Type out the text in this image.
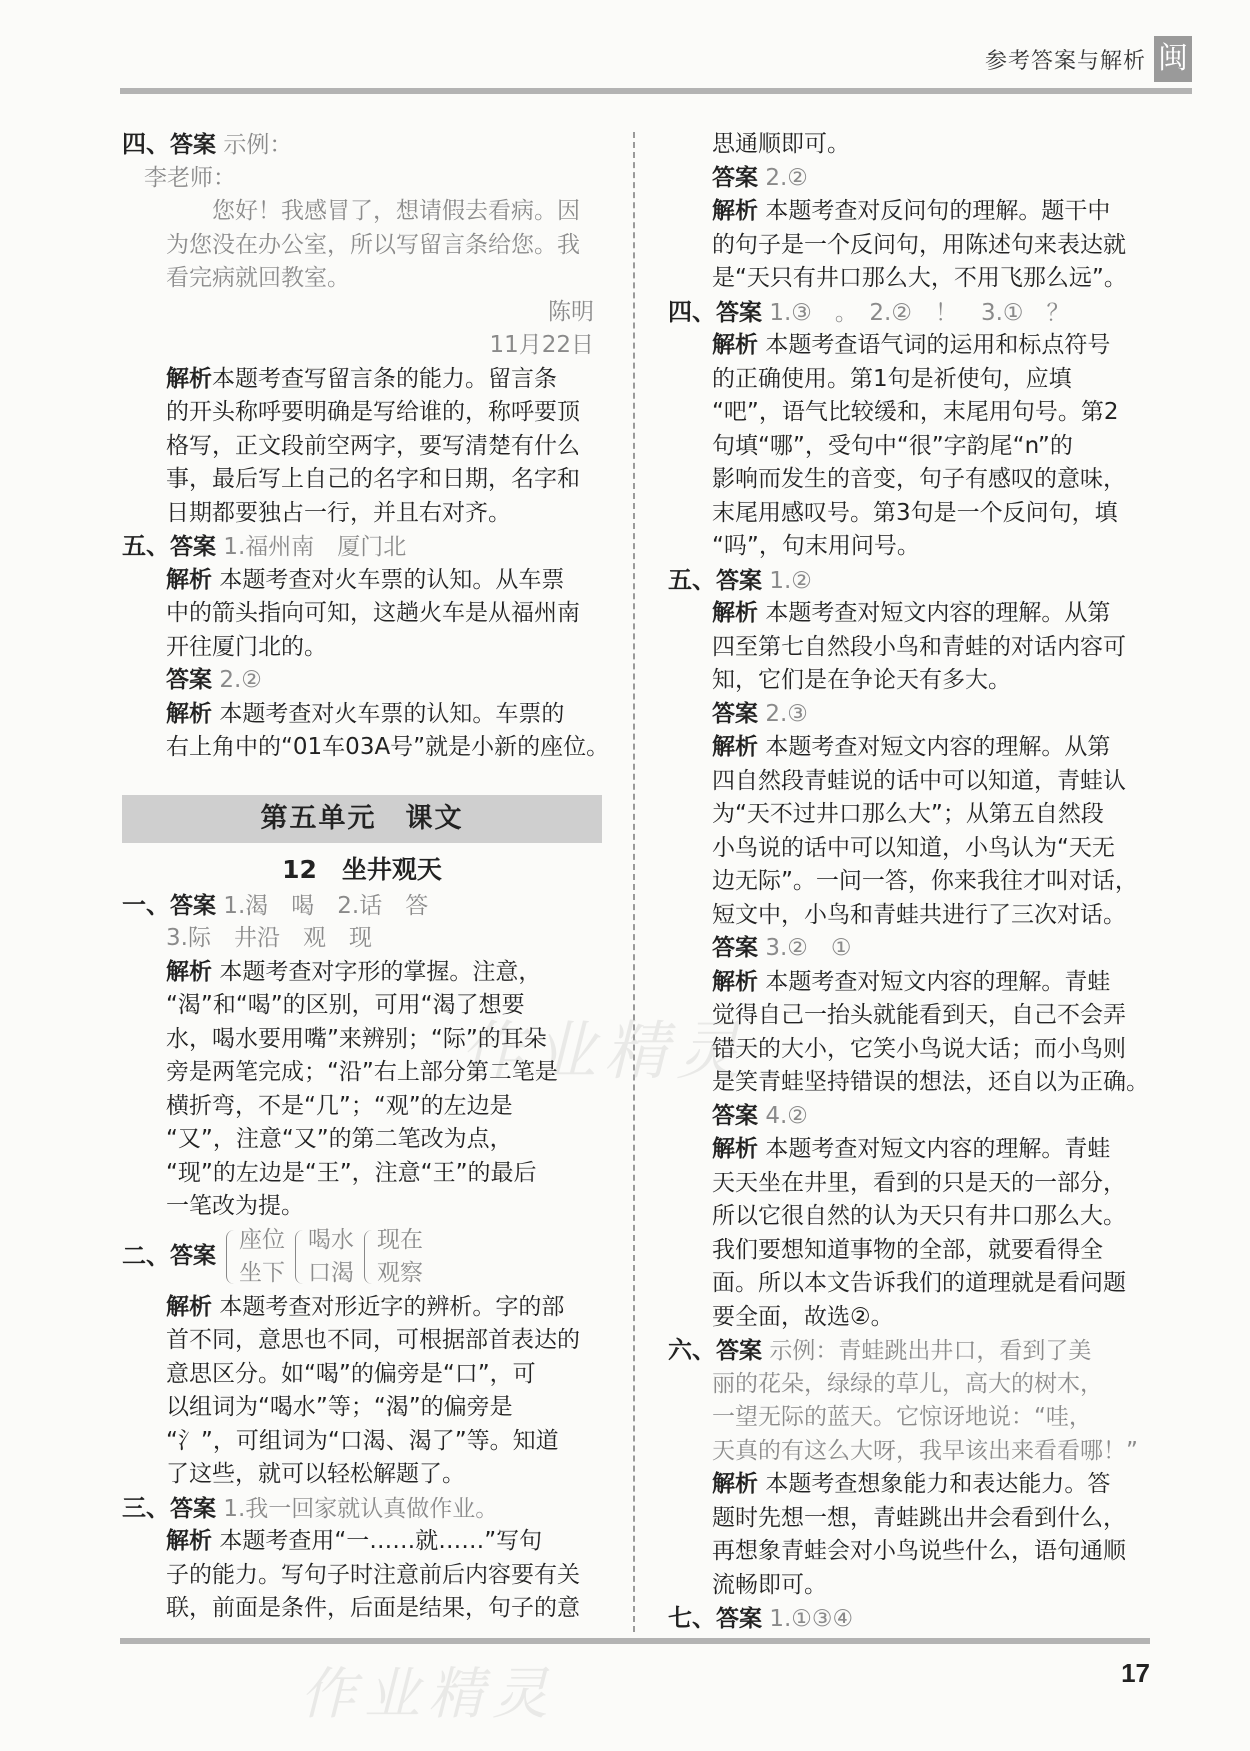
参考答案与解析 闽
作业精灵
作业精灵
四、答案 示例：
李老师：
您好！我感冒了，想请假去看病。因
为您没在办公室，所以写留言条给您。我
看完病就回教室。
陈明
11月22日
解析本题考查写留言条的能力。留言条
的开头称呼要明确是写给谁的，称呼要顶
格写，正文段前空两字，要写清楚有什么
事，最后写上自己的名字和日期，名字和
日期都要独占一行，并且右对齐。
五、答案 1.福州南　厦门北
解析 本题考查对火车票的认知。从车票
中的箭头指向可知，这趟火车是从福州南
开往厦门北的。
答案 2.②
解析 本题考查对火车票的认知。车票的
右上角中的“01车03A号”就是小新的座位。
第五单元　课文
12　坐井观天
一、答案 1.渴　喝　2.话　答
3.际　井沿　观　现
解析 本题考查对字形的掌握。注意，
“渴”和“喝”的区别，可用“渴了想要
水，喝水要用嘴”来辨别；“际”的耳朵
旁是两笔完成；“沿”右上部分第二笔是
横折弯，不是“几”；“观”的左边是
“又”，注意“又”的第二笔改为点，
“现”的左边是“王”，注意“王”的最后
一笔改为提。
二、 答案
座位
坐下
喝水
口渴
现在
观察
解析 本题考查对形近字的辨析。字的部
首不同，意思也不同，可根据部首表达的
意思区分。如“喝”的偏旁是“口”，可
以组词为“喝水”等；“渴”的偏旁是
“氵”，可组词为“口渴、渴了”等。知道
了这些，就可以轻松解题了。
三、答案 1.我一回家就认真做作业。
解析 本题考查用“一……就……”写句
子的能力。写句子时注意前后内容要有关
联，前面是条件，后面是结果，句子的意
思通顺即可。
答案 2.②
解析 本题考查对反问句的理解。题干中
的句子是一个反问句，用陈述句来表达就
是“天只有井口那么大，不用飞那么远”。
四、答案 1.③　。　2.②　！　3.①　？
解析 本题考查语气词的运用和标点符号
的正确使用。第1句是祈使句，应填
“吧”，语气比较缓和，末尾用句号。第2
句填“哪”，受句中“很”字韵尾“n”的
影响而发生的音变，句子有感叹的意味，
末尾用感叹号。第3句是一个反问句，填
“吗”，句末用问号。
五、答案 1.②
解析 本题考查对短文内容的理解。从第
四至第七自然段小鸟和青蛙的对话内容可
知，它们是在争论天有多大。
答案 2.③
解析 本题考查对短文内容的理解。从第
四自然段青蛙说的话中可以知道，青蛙认
为“天不过井口那么大”；从第五自然段
小鸟说的话中可以知道，小鸟认为“天无
边无际”。一问一答，你来我往才叫对话，
短文中，小鸟和青蛙共进行了三次对话。
答案 3.②　①
解析 本题考查对短文内容的理解。青蛙
觉得自己一抬头就能看到天，自己不会弄
错天的大小，它笑小鸟说大话；而小鸟则
是笑青蛙坚持错误的想法，还自以为正确。
答案 4.②
解析 本题考查对短文内容的理解。青蛙
天天坐在井里，看到的只是天的一部分，
所以它很自然的认为天只有井口那么大。
我们要想知道事物的全部，就要看得全
面。所以本文告诉我们的道理就是看问题
要全面，故选②。
六、答案 示例：青蛙跳出井口，看到了美
丽的花朵，绿绿的草儿，高大的树木，
一望无际的蓝天。它惊讶地说：“哇，
天真的有这么大呀，我早该出来看看哪！”
解析 本题考查想象能力和表达能力。答
题时先想一想，青蛙跳出井会看到什么，
再想象青蛙会对小鸟说些什么，语句通顺
流畅即可。
七、答案 1.①③④
17
